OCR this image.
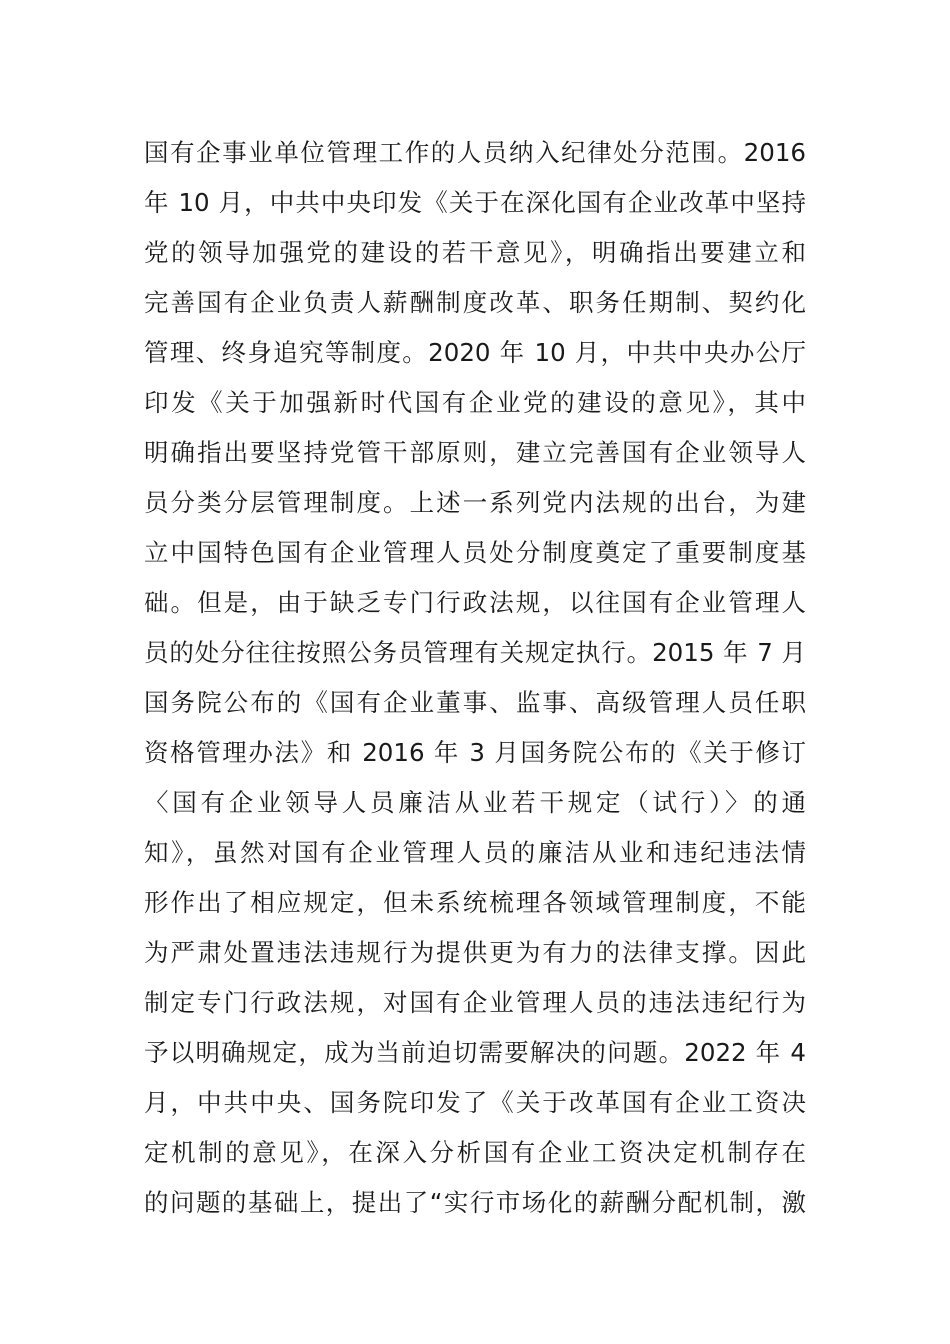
国有企事业单位管理工作的人员纳入纪律处分范围。2016
年 10 月，中共中央印发《关于在深化国有企业改革中坚持
党的领导加强党的建设的若干意见》，明确指出要建立和
完善国有企业负责人薪酬制度改革、职务任期制、契约化
管理、终身追究等制度。2020 年 10 月，中共中央办公厅
印发《关于加强新时代国有企业党的建设的意见》，其中
明确指出要坚持党管干部原则，建立完善国有企业领导人
员分类分层管理制度。上述一系列党内法规的出台，为建
立中国特色国有企业管理人员处分制度奠定了重要制度基
础。但是，由于缺乏专门行政法规，以往国有企业管理人
员的处分往往按照公务员管理有关规定执行。2015 年 7 月
国务院公布的《国有企业董事、监事、高级管理人员任职
资格管理办法》和 2016 年 3 月国务院公布的《关于修订
〈国有企业领导人员廉洁从业若干规定（试行）〉的通
知》，虽然对国有企业管理人员的廉洁从业和违纪违法情
形作出了相应规定，但未系统梳理各领域管理制度，不能
为严肃处置违法违规行为提供更为有力的法律支撑。因此
制定专门行政法规，对国有企业管理人员的违法违纪行为
予以明确规定，成为当前迫切需要解决的问题。2022 年 4
月，中共中央、国务院印发了《关于改革国有企业工资决
定机制的意见》，在深入分析国有企业工资决定机制存在
的问题的基础上，提出了“实行市场化的薪酬分配机制，激
